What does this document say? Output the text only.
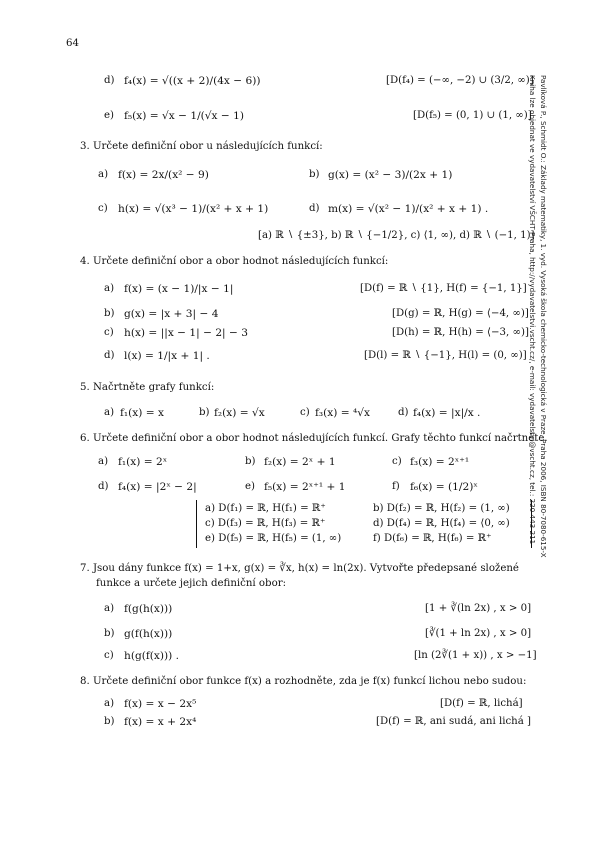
64
Pavlíková P., Schmidt O.: Základy matematiky, 1. vyd. Vysoká škola chemicko-technologická v Praze, Praha 2006, ISBN 80-7080-615-X
Kniha lze objednat ve vydavatelství VŠCHT Praha, http://vydavatelstvi.vscht.cz/, e-mail: vydavatelstvi@vscht.cz, tel.: 220 443 211
d) f₄(x) = √((x + 2)/(4x − 6))	[D(f₄) = (−∞, −2) ∪ (3/2, ∞)]
e) f₅(x) = √x − 1/(√x − 1)	[D(f₅) = (0, 1) ∪ (1, ∞)]
3. Určete definiční obor u následujících funkcí:
a) f(x) = 2x/(x² − 9)	b) g(x) = (x² − 3)/(2x + 1)
c) h(x) = √(x³ − 1)/(x² + x + 1)	d) m(x) = √(x² − 1)/(x² + x + 1) .
[a) ℝ ∖ {±3}, b) ℝ ∖ {−1/2}, c) ⟨1, ∞), d) ℝ ∖ (−1, 1)]
4. Určete definiční obor a obor hodnot následujících funkcí:
a) f(x) = (x − 1)/|x − 1|	[D(f) = ℝ ∖ {1}, H(f) = {−1, 1}]
b) g(x) = |x + 3| − 4	[D(g) = ℝ, H(g) = ⟨−4, ∞)]
c) h(x) = ||x − 1| − 2| − 3	[D(h) = ℝ, H(h) = ⟨−3, ∞)]
d) l(x) = 1/|x + 1| .	[D(l) = ℝ ∖ {−1}, H(l) = (0, ∞)]
5. Načrtněte grafy funkcí:
a) f₁(x) = x	b) f₂(x) = √x	c) f₃(x) = ⁴√x	d) f₄(x) = |x|/x .
6. Určete definiční obor a obor hodnot následujících funkcí. Grafy těchto funkcí načrtněte.
a) f₁(x) = 2ˣ	b) f₂(x) = 2ˣ + 1	c) f₃(x) = 2ˣ⁺¹
d) f₄(x) = |2ˣ − 2|	e) f₅(x) = 2ˣ⁺¹ + 1	f) f₆(x) = (1/2)ˣ
a) D(f₁) = ℝ, H(f₁) = ℝ⁺	b) D(f₂) = ℝ, H(f₂) = (1, ∞)
c) D(f₃) = ℝ, H(f₃) = ℝ⁺	d) D(f₄) = ℝ, H(f₄) = ⟨0, ∞)
e) D(f₅) = ℝ, H(f₅) = (1, ∞)	f) D(f₆) = ℝ, H(f₆) = ℝ⁺
7. Jsou dány funkce f(x) = 1+x, g(x) = ∛x, h(x) = ln(2x). Vytvořte předepsané složené
funkce a určete jejich definiční obor:
a) f(g(h(x)))	[1 + ∛(ln 2x) , x > 0]
b) g(f(h(x)))	[∛(1 + ln 2x) , x > 0]
c) h(g(f(x))) .	[ln (2∛(1 + x)) , x > −1]
8. Určete definiční obor funkce f(x) a rozhodněte, zda je f(x) funkcí lichou nebo sudou:
a) f(x) = x − 2x⁵	[D(f) = ℝ, lichá]
b) f(x) = x + 2x⁴	[D(f) = ℝ, ani sudá, ani lichá ]
